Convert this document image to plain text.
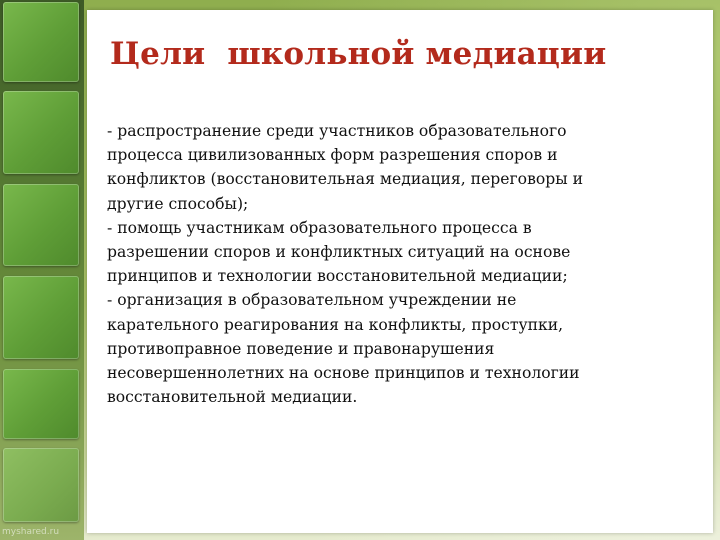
myshared.ru
Цели  школьной медиации
- распространение среди участников образовательного
процесса цивилизованных форм разрешения споров и
конфликтов (восстановительная медиация, переговоры и
другие способы);
- помощь участникам образовательного процесса в
разрешении споров и конфликтных ситуаций на основе
принципов и технологии восстановительной медиации;
- организация в образовательном учреждении не
карательного реагирования на конфликты, проступки,
противоправное поведение и правонарушения
несовершеннолетних на основе принципов и технологии
восстановительной медиации.
